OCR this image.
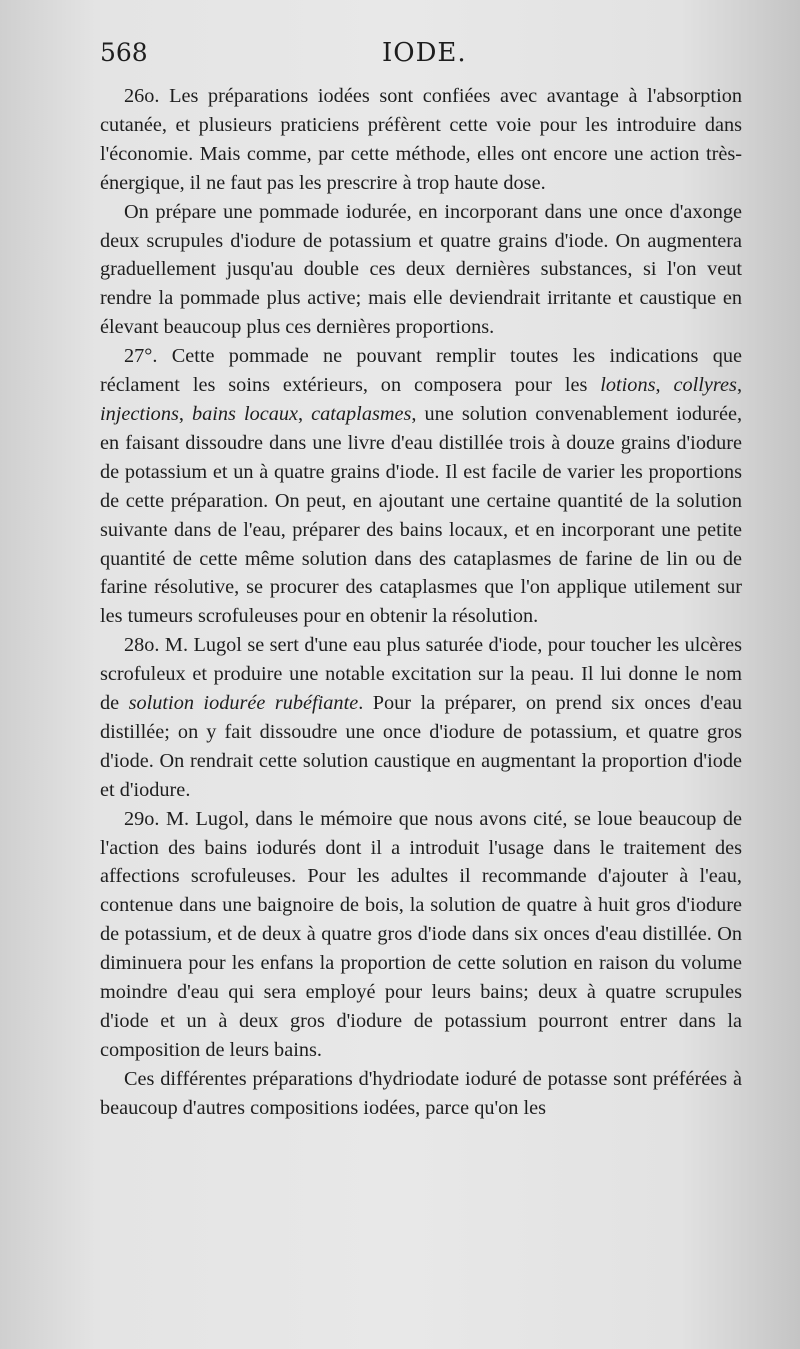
568	IODE.

26o. Les préparations iodées sont confiées avec avantage à l'absorption cutanée, et plusieurs praticiens préfèrent cette voie pour les introduire dans l'économie. Mais comme, par cette méthode, elles ont encore une action très-énergique, il ne faut pas les prescrire à trop haute dose.

On prépare une pommade iodurée, en incorporant dans une once d'axonge deux scrupules d'iodure de potassium et quatre grains d'iode. On augmentera graduellement jusqu'au double ces deux dernières substances, si l'on veut rendre la pommade plus active; mais elle deviendrait irritante et caustique en élevant beaucoup plus ces dernières proportions.

27°. Cette pommade ne pouvant remplir toutes les indications que réclament les soins extérieurs, on composera pour les lotions, collyres, injections, bains locaux, cataplasmes, une solution convenablement iodurée, en faisant dissoudre dans une livre d'eau distillée trois à douze grains d'iodure de potassium et un à quatre grains d'iode. Il est facile de varier les proportions de cette préparation. On peut, en ajoutant une certaine quantité de la solution suivante dans de l'eau, préparer des bains locaux, et en incorporant une petite quantité de cette même solution dans des cataplasmes de farine de lin ou de farine résolutive, se procurer des cataplasmes que l'on applique utilement sur les tumeurs scrofuleuses pour en obtenir la résolution.

28o. M. Lugol se sert d'une eau plus saturée d'iode, pour toucher les ulcères scrofuleux et produire une notable excitation sur la peau. Il lui donne le nom de solution iodurée rubéfiante. Pour la préparer, on prend six onces d'eau distillée; on y fait dissoudre une once d'iodure de potassium, et quatre gros d'iode. On rendrait cette solution caustique en augmentant la proportion d'iode et d'iodure.

29o. M. Lugol, dans le mémoire que nous avons cité, se loue beaucoup de l'action des bains iodurés dont il a introduit l'usage dans le traitement des affections scrofuleuses. Pour les adultes il recommande d'ajouter à l'eau, contenue dans une baignoire de bois, la solution de quatre à huit gros d'iodure de potassium, et de deux à quatre gros d'iode dans six onces d'eau distillée. On diminuera pour les enfans la proportion de cette solution en raison du volume moindre d'eau qui sera employé pour leurs bains; deux à quatre scrupules d'iode et un à deux gros d'iodure de potassium pourront entrer dans la composition de leurs bains.

Ces différentes préparations d'hydriodate ioduré de potasse sont préférées à beaucoup d'autres compositions iodées, parce qu'on les
